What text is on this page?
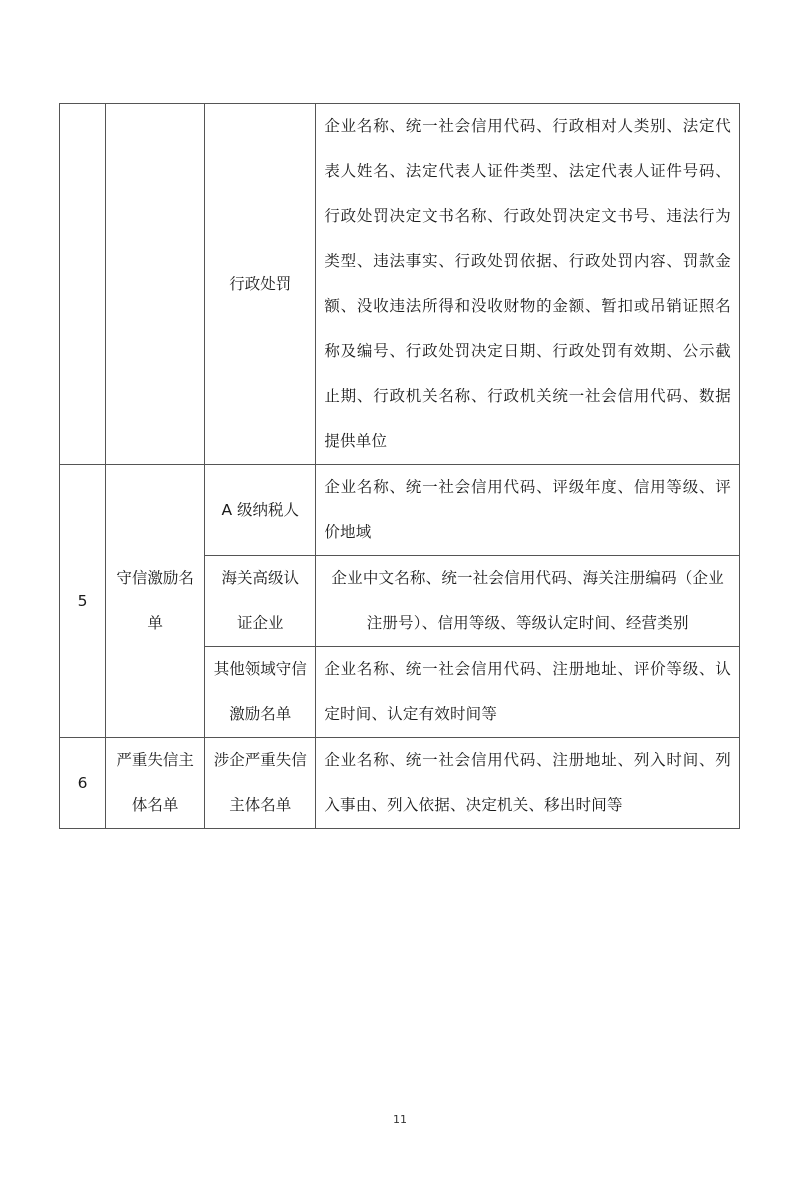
		行政处罚	企业名称、统一社会信用代码、行政相对人类别、法定代表人姓名、法定代表人证件类型、法定代表人证件号码、行政处罚决定文书名称、行政处罚决定文书号、违法行为类型、违法事实、行政处罚依据、行政处罚内容、罚款金额、没收违法所得和没收财物的金额、暂扣或吊销证照名称及编号、行政处罚决定日期、行政处罚有效期、公示截止期、行政机关名称、行政机关统一社会信用代码、数据提供单位
5	守信激励名单	A 级纳税人	企业名称、统一社会信用代码、评级年度、信用等级、评价地域
		海关高级认证企业	企业中文名称、统一社会信用代码、海关注册编码（企业注册号）、信用等级、等级认定时间、经营类别
		其他领域守信激励名单	企业名称、统一社会信用代码、注册地址、评价等级、认定时间、认定有效时间等
6	严重失信主体名单	涉企严重失信主体名单	企业名称、统一社会信用代码、注册地址、列入时间、列入事由、列入依据、决定机关、移出时间等
11
